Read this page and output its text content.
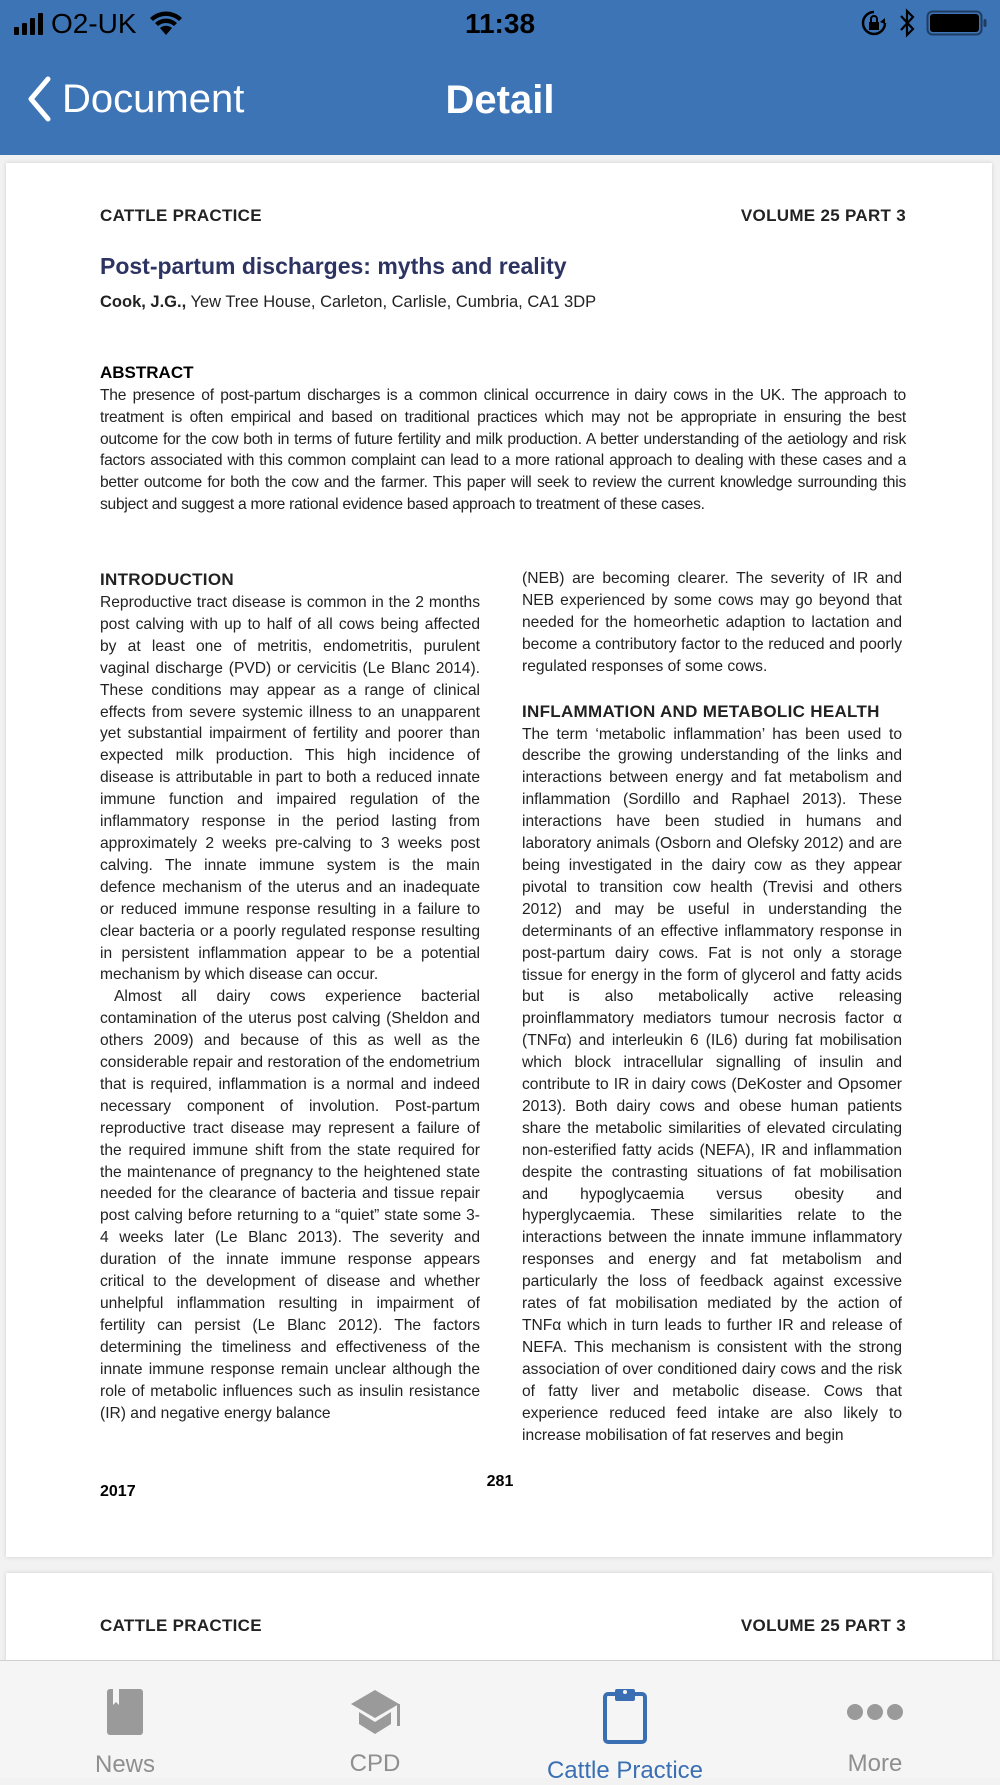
O2-UK	11:38
Document	Detail
CATTLE PRACTICE	VOLUME 25 PART 3
Post-partum discharges: myths and reality
Cook, J.G., Yew Tree House, Carleton, Carlisle, Cumbria, CA1 3DP
ABSTRACT
The presence of post-partum discharges is a common clinical occurrence in dairy cows in the UK. The approach to treatment is often empirical and based on traditional practices which may not be appropriate in ensuring the best outcome for the cow both in terms of future fertility and milk production. A better understanding of the aetiology and risk factors associated with this common complaint can lead to a more rational approach to dealing with these cases and a better outcome for both the cow and the farmer. This paper will seek to review the current knowledge surrounding this subject and suggest a more rational evidence based approach to treatment of these cases.
INTRODUCTION

Reproductive tract disease is common in the 2 months post calving with up to half of all cows being affected by at least one of metritis, endometritis, purulent vaginal discharge (PVD) or cervicitis (Le Blanc 2014). These conditions may appear as a range of clinical effects from severe systemic illness to an unapparent yet substantial impairment of fertility and poorer than expected milk production. This high incidence of disease is attributable in part to both a reduced innate immune function and impaired regulation of the inflammatory response in the period lasting from approximately 2 weeks pre-calving to 3 weeks post calving. The innate immune system is the main defence mechanism of the uterus and an inadequate or reduced immune response resulting in a failure to clear bacteria or a poorly regulated response resulting in persistent inflammation appear to be a potential mechanism by which disease can occur.

Almost all dairy cows experience bacterial contamination of the uterus post calving (Sheldon and others 2009) and because of this as well as the considerable repair and restoration of the endometrium that is required, inflammation is a normal and indeed necessary component of involution. Post-partum reproductive tract disease may represent a failure of the required immune shift from the state required for the maintenance of pregnancy to the heightened state needed for the clearance of bacteria and tissue repair post calving before returning to a “quiet” state some 3-4 weeks later (Le Blanc 2013). The severity and duration of the innate immune response appears critical to the development of disease and whether unhelpful inflammation resulting in impairment of fertility can persist (Le Blanc 2012). The factors determining the timeliness and effectiveness of the innate immune response remain unclear although the role of metabolic influences such as insulin resistance (IR) and negative energy balance

(NEB) are becoming clearer. The severity of IR and NEB experienced by some cows may go beyond that needed for the homeorhetic adaption to lactation and become a contributory factor to the reduced and poorly regulated responses of some cows.

INFLAMMATION AND METABOLIC HEALTH

The term ‘metabolic inflammation’ has been used to describe the growing understanding of the links and interactions between energy and fat metabolism and inflammation (Sordillo and Raphael 2013). These interactions have been studied in humans and laboratory animals (Osborn and Olefsky 2012) and are being investigated in the dairy cow as they appear pivotal to transition cow health (Trevisi and others 2012) and may be useful in understanding the determinants of an effective inflammatory response in post-partum dairy cows. Fat is not only a storage tissue for energy in the form of glycerol and fatty acids but is also metabolically active releasing proinflammatory mediators tumour necrosis factor α (TNFα) and interleukin 6 (IL6) during fat mobilisation which block intracellular signalling of insulin and contribute to IR in dairy cows (DeKoster and Opsomer 2013). Both dairy cows and obese human patients share the metabolic similarities of elevated circulating non-esterified fatty acids (NEFA), IR and inflammation despite the contrasting situations of fat mobilisation and hypoglycaemia versus obesity and hyperglycaemia. These similarities relate to the interactions between the innate immune inflammatory responses and energy and fat metabolism and particularly the loss of feedback against excessive rates of fat mobilisation mediated by the action of TNFα which in turn leads to further IR and release of NEFA. This mechanism is consistent with the strong association of over conditioned dairy cows and the risk of fatty liver and metabolic disease. Cows that experience reduced feed intake are also likely to increase mobilisation of fat reserves and begin

2017
281
CATTLE PRACTICE	VOLUME 25 PART 3
News	CPD	Cattle Practice	More
